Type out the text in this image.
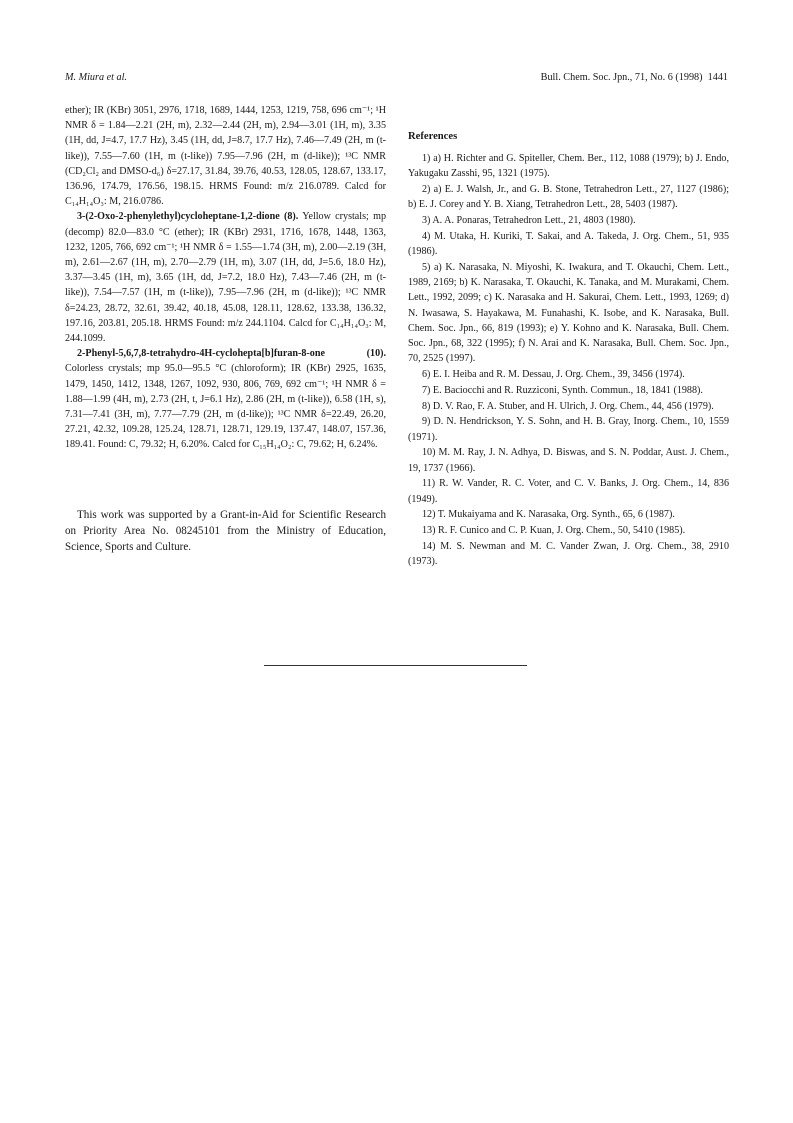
M. Miura et al.	Bull. Chem. Soc. Jpn., 71, No. 6 (1998) 1441

ether); IR (KBr) 3051, 2976, 1718, 1689, 1444, 1253, 1219, 758, 696 cm⁻¹; ¹H NMR δ = 1.84—2.21 (2H, m), 2.32—2.44 (2H, m), 2.94—3.01 (1H, m), 3.35 (1H, dd, J=4.7, 17.7 Hz), 3.45 (1H, dd, J=8.7, 17.7 Hz), 7.46—7.49 (2H, m (t-like)), 7.55—7.60 (1H, m (t-like)) 7.95—7.96 (2H, m (d-like)); ¹³C NMR (CD₂Cl₂ and DMSO-d₆) δ=27.17, 31.84, 39.76, 40.53, 128.05, 128.67, 133.17, 136.96, 174.79, 176.56, 198.15. HRMS Found: m/z 216.0789. Calcd for C₁₄H₁₄O₃: M, 216.0786.

3-(2-Oxo-2-phenylethyl)cycloheptane-1,2-dione (8). Yellow crystals; mp (decomp) 82.0—83.0 °C (ether); IR (KBr) 2931, 1716, 1678, 1448, 1363, 1232, 1205, 766, 692 cm⁻¹; ¹H NMR δ = 1.55—1.74 (3H, m), 2.00—2.19 (3H, m), 2.61—2.67 (1H, m), 2.70—2.79 (1H, m), 3.07 (1H, dd, J=5.6, 18.0 Hz), 3.37—3.45 (1H, m), 3.65 (1H, dd, J=7.2, 18.0 Hz), 7.43—7.46 (2H, m (t-like)), 7.54—7.57 (1H, m (t-like)), 7.95—7.96 (2H, m (d-like)); ¹³C NMR δ=24.23, 28.72, 32.61, 39.42, 40.18, 45.08, 128.11, 128.62, 133.38, 136.32, 197.16, 203.81, 205.18. HRMS Found: m/z 244.1104. Calcd for C₁₄H₁₄O₃: M, 244.1099.

2-Phenyl-5,6,7,8-tetrahydro-4H-cyclohepta[b]furan-8-one (10). Colorless crystals; mp 95.0—95.5 °C (chloroform); IR (KBr) 2925, 1635, 1479, 1450, 1412, 1348, 1267, 1092, 930, 806, 769, 692 cm⁻¹; ¹H NMR δ = 1.88—1.99 (4H, m), 2.73 (2H, t, J=6.1 Hz), 2.86 (2H, m (t-like)), 6.58 (1H, s), 7.31—7.41 (3H, m), 7.77—7.79 (2H, m (d-like)); ¹³C NMR δ=22.49, 26.20, 27.21, 42.32, 109.28, 125.24, 128.71, 128.71, 129.19, 137.47, 148.07, 157.36, 189.41. Found: C, 79.32; H, 6.20%. Calcd for C₁₅H₁₄O₂: C, 79.62; H, 6.24%.

This work was supported by a Grant-in-Aid for Scientific Research on Priority Area No. 08245101 from the Ministry of Education, Science, Sports and Culture.

References

1) a) H. Richter and G. Spiteller, Chem. Ber., 112, 1088 (1979); b) J. Endo, Yakugaku Zasshi, 95, 1321 (1975).

2) a) E. J. Walsh, Jr., and G. B. Stone, Tetrahedron Lett., 27, 1127 (1986); b) E. J. Corey and Y. B. Xiang, Tetrahedron Lett., 28, 5403 (1987).

3) A. A. Ponaras, Tetrahedron Lett., 21, 4803 (1980).

4) M. Utaka, H. Kuriki, T. Sakai, and A. Takeda, J. Org. Chem., 51, 935 (1986).

5) a) K. Narasaka, N. Miyoshi, K. Iwakura, and T. Okauchi, Chem. Lett., 1989, 2169; b) K. Narasaka, T. Okauchi, K. Tanaka, and M. Murakami, Chem. Lett., 1992, 2099; c) K. Narasaka and H. Sakurai, Chem. Lett., 1993, 1269; d) N. Iwasawa, S. Hayakawa, M. Funahashi, K. Isobe, and K. Narasaka, Bull. Chem. Soc. Jpn., 66, 819 (1993); e) Y. Kohno and K. Narasaka, Bull. Chem. Soc. Jpn., 68, 322 (1995); f) N. Arai and K. Narasaka, Bull. Chem. Soc. Jpn., 70, 2525 (1997).

6) E. I. Heiba and R. M. Dessau, J. Org. Chem., 39, 3456 (1974).

7) E. Baciocchi and R. Ruzziconi, Synth. Commun., 18, 1841 (1988).

8) D. V. Rao, F. A. Stuber, and H. Ulrich, J. Org. Chem., 44, 456 (1979).

9) D. N. Hendrickson, Y. S. Sohn, and H. B. Gray, Inorg. Chem., 10, 1559 (1971).

10) M. M. Ray, J. N. Adhya, D. Biswas, and S. N. Poddar, Aust. J. Chem., 19, 1737 (1966).

11) R. W. Vander, R. C. Voter, and C. V. Banks, J. Org. Chem., 14, 836 (1949).

12) T. Mukaiyama and K. Narasaka, Org. Synth., 65, 6 (1987).

13) R. F. Cunico and C. P. Kuan, J. Org. Chem., 50, 5410 (1985).

14) M. S. Newman and M. C. Vander Zwan, J. Org. Chem., 38, 2910 (1973).
